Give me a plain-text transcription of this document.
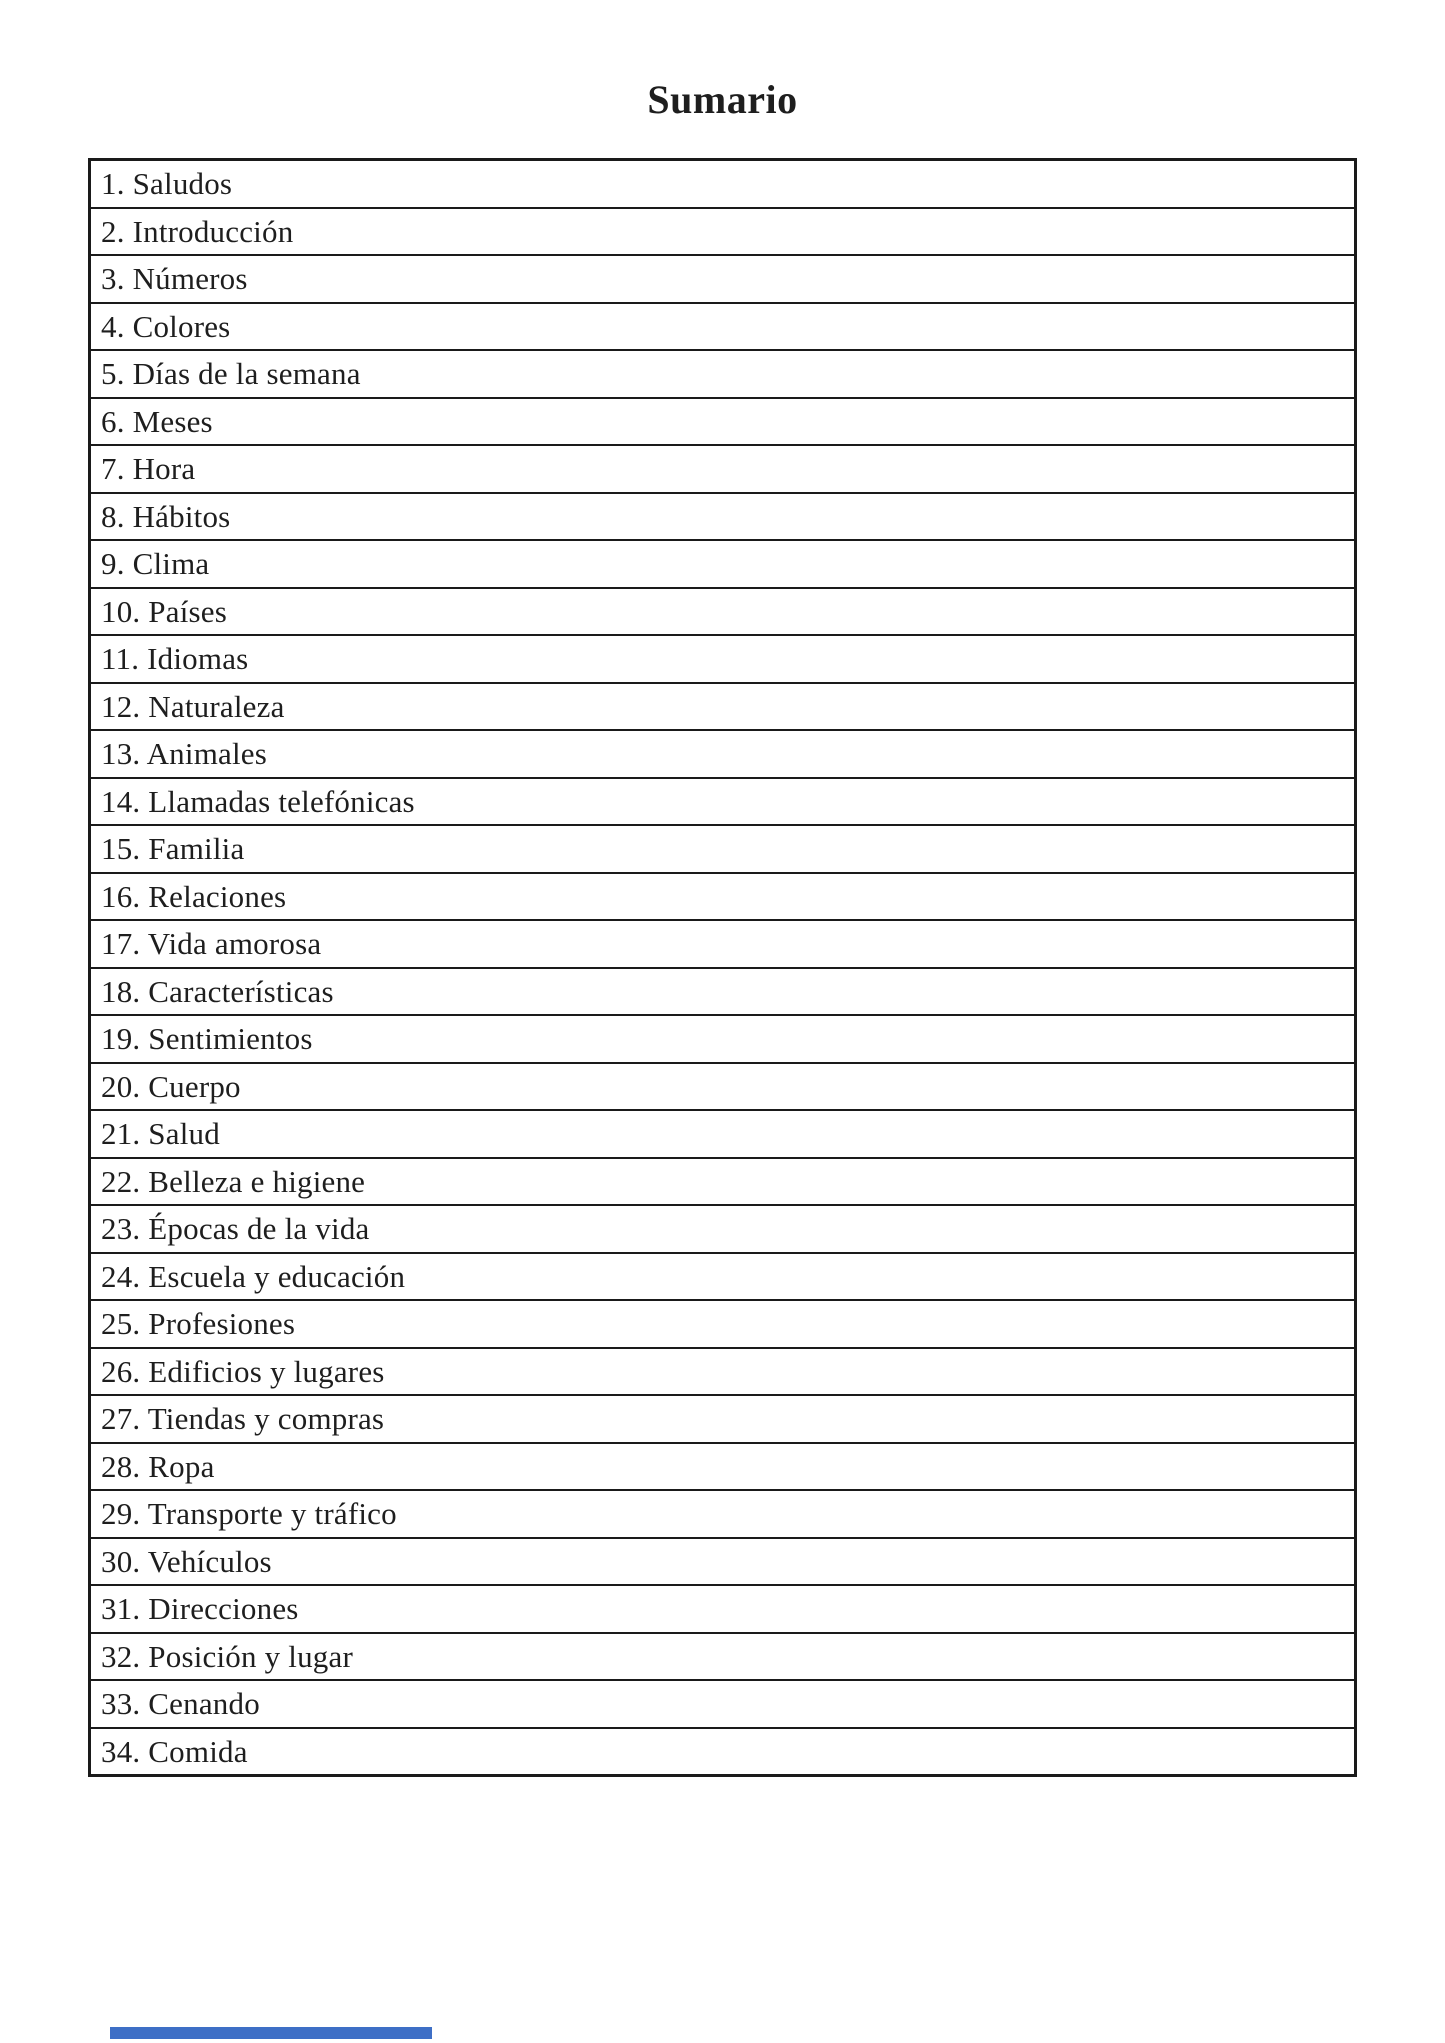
Sumario
1. Saludos
2. Introducción
3. Números
4. Colores
5. Días de la semana
6. Meses
7. Hora
8. Hábitos
9. Clima
10. Países
11. Idiomas
12. Naturaleza
13. Animales
14. Llamadas telefónicas
15. Familia
16. Relaciones
17. Vida amorosa
18. Características
19. Sentimientos
20. Cuerpo
21. Salud
22. Belleza e higiene
23. Épocas de la vida
24. Escuela y educación
25. Profesiones
26. Edificios y lugares
27. Tiendas y compras
28. Ropa
29. Transporte y tráfico
30. Vehículos
31. Direcciones
32. Posición y lugar
33. Cenando
34. Comida
